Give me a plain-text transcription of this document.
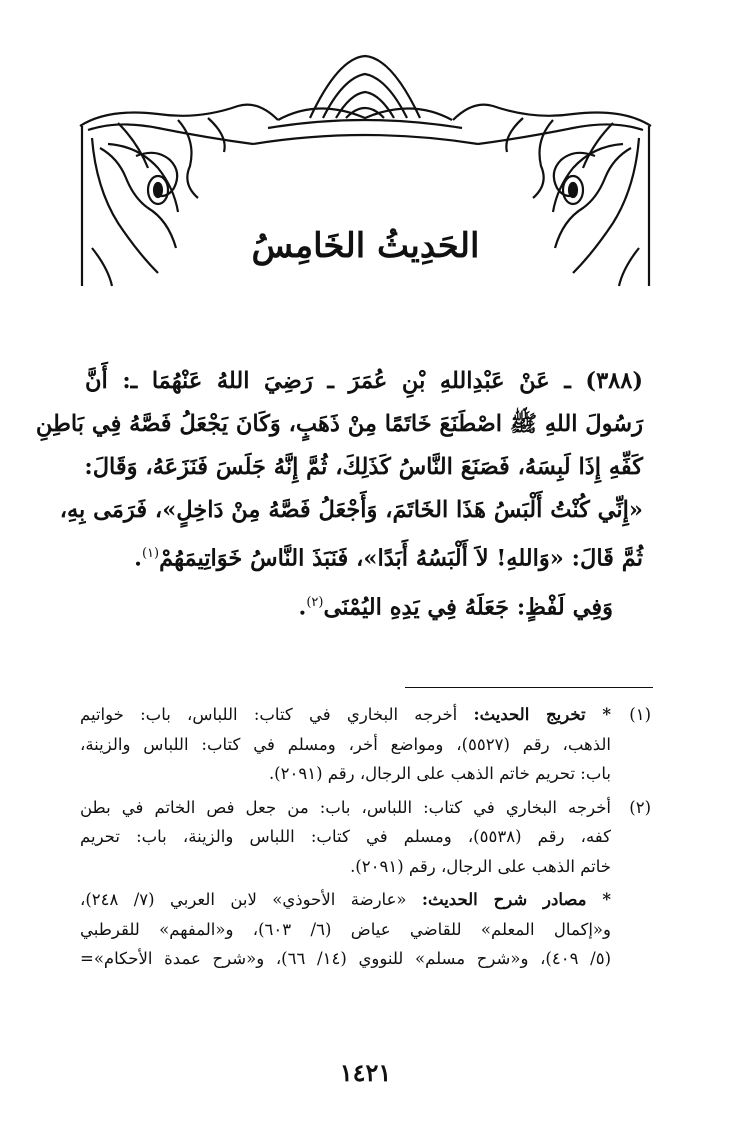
الحَدِيثُ الخَامِسُ

(٣٨٨) ـ عَنْ عَبْدِاللهِ بْنِ عُمَرَ ـ رَضِيَ اللهُ عَنْهُمَا ـ: أَنَّ
رَسُولَ اللهِ ﷺ اصْطَنَعَ خَاتَمًا مِنْ ذَهَبٍ، وَكَانَ يَجْعَلُ فَصَّهُ فِي بَاطِنِ
كَفِّهِ إِذَا لَبِسَهُ، فَصَنَعَ النَّاسُ كَذَلِكَ، ثُمَّ إِنَّهُ جَلَسَ فَنَزَعَهُ، وَقَالَ:
«إِنِّي كُنْتُ أَلْبَسُ هَذَا الخَاتَمَ، وَأَجْعَلُ فَصَّهُ مِنْ دَاخِلٍ»، فَرَمَى بِهِ،
ثُمَّ قَالَ: «وَاللهِ! لاَ أَلْبَسُهُ أَبَدًا»، فَنَبَذَ النَّاسُ خَوَاتِيمَهُمْ$^{(١)}$.

وَفِي لَفْظٍ: جَعَلَهُ فِي يَدِهِ اليُمْنَى$^{(٢)}$.

(١)
* تخريج الحديث: أخرجه البخاري في كتاب: اللباس، باب: خواتيم
الذهب، رقم (٥٥٢٧)، ومواضع أخر، ومسلم في كتاب: اللباس والزينة،
باب: تحريم خاتم الذهب على الرجال، رقم (٢٠٩١).
(٢)
أخرجه البخاري في كتاب: اللباس، باب: من جعل فص الخاتم في بطن
كفه، رقم (٥٥٣٨)، ومسلم في كتاب: اللباس والزينة، باب: تحريم
خاتم الذهب على الرجال، رقم (٢٠٩١).
* مصادر شرح الحديث: «عارضة الأحوذي» لابن العربي (٧/ ٢٤٨)،
و«إكمال المعلم» للقاضي عياض (٦/ ٦٠٣)، و«المفهم» للقرطبي
(٥/ ٤٠٩)، و«شرح مسلم» للنووي (١٤/ ٦٦)، و«شرح عمدة الأحكام»=
١٤٢١
